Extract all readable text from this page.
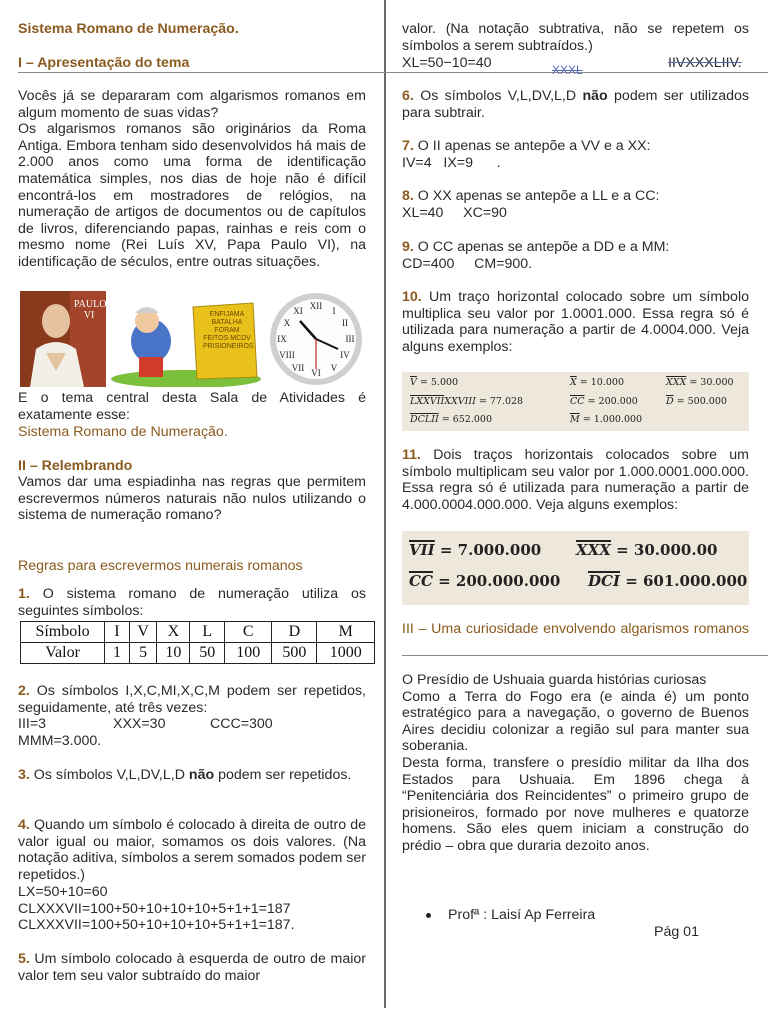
Sistema Romano de Numeração.
I – Apresentação do tema

Vocês já se depararam com algarismos romanos em algum momento de suas vidas?

Os algarismos romanos são originários da Roma Antiga. Embora tenham sido desenvolvidos há mais de 2.000 anos como uma forma de identificação matemática simples, nos dias de hoje não é difícil encontrá-los em mostradores de relógios, na numeração de artigos de documentos ou de capítulos de livros, diferenciando papas, rainhas e reis com o mesmo nome (Rei Luís XV, Papa Paulo VI), na identificação de séculos, entre outras situações.

PAULO VI	ENFIJAMA BATALHA FORAM FEITOS MCDV PRISIONEIROS
XII I
II
III
IV
V
VI
VII
VIII
IX
X
XI
E o tema central desta Sala de Atividades é exatamente esse:
Sistema Romano de Numeração.
II – Relembrando
Vamos dar uma espiadinha nas regras que permitem escrevermos números naturais não nulos utilizando o sistema de numeração romano?
Regras para escrevermos numerais romanos
1. O sistema romano de numeração utiliza os seguintes símbolos:
Símbolo	I	V	X	L	C	D	M
Valor	1	5	10	50	100	500	1000
2. Os símbolos I,X,C,MI,X,C,M podem ser repetidos, seguidamente, até três vezes:
III=3	XXX=30	CCC=300
MMM=3.000.
3. Os símbolos V,L,DV,L,D não podem ser repetidos.
4. Quando um símbolo é colocado à direita de outro de valor igual ou maior, somamos os dois valores. (Na notação aditiva, símbolos a serem somados podem ser repetidos.)
LX=50+10=60
CLXXXVII=100+50+10+10+10+5+1+1=187
CLXXXVII=100+50+10+10+10+5+1+1=187.
5. Um símbolo colocado à esquerda de outro de maior valor tem seu valor subtraído do maior
valor. (Na notação subtrativa, não se repetem os símbolos a serem subtraídos.)
XL=50−10=40	XXXL	IIVXXXLIIV.
6. Os símbolos V,L,DV,L,D não podem ser utilizados para subtrair.
7. O II apenas se antepõe a VV e a XX:
IV=4   IX=9      .
8. O XX apenas se antepõe a LL e a CC:
XL=40     XC=90
9. O CC apenas se antepõe a DD e a MM:
CD=400     CM=900.
10. Um traço horizontal colocado sobre um símbolo multiplica seu valor por 1.0001.000. Essa regra só é utilizada para numeração a partir de 4.0004.000. Veja alguns exemplos:
$\overline{V} = 5.000$	$\overline{X} = 10.000$	$\overline{XXX} = 30.000$
LXXVIIXXVIII = 77.028	$\overline{CC} = 200.000$	$\overline{D} = 500.000$
DCLII = 652.000	$\overline{M} = 1.000.000$
11. Dois traços horizontais colocados sobre um símbolo multiplicam seu valor por 1.000.0001.000.000. Essa regra só é utilizada para numeração a partir de 4.000.0004.000.000. Veja alguns exemplos:
$\overline{VII} = 7.000.000$ $\overline{XXX} = 30.000.00$
$\overline{CC} = 200.000.000$ $\overline{DCI} = 601.000.000$
III – Uma curiosidade envolvendo algarismos romanos

O Presídio de Ushuaia guarda histórias curiosas

Como a Terra do Fogo era (e ainda é) um ponto estratégico para a navegação, o governo de Buenos Aires decidiu colonizar a região sul para manter sua soberania.

Desta forma, transfere o presídio militar da Ilha dos Estados para Ushuaia. Em 1896 chega à “Penitenciária dos Reincidentes” o primeiro grupo de prisioneiros, formado por nove mulheres e quatorze homens. São eles quem iniciam a construção do prédio – obra que duraria dezoito anos.

Profª : Laisí Ap Ferreira
Pág 01
